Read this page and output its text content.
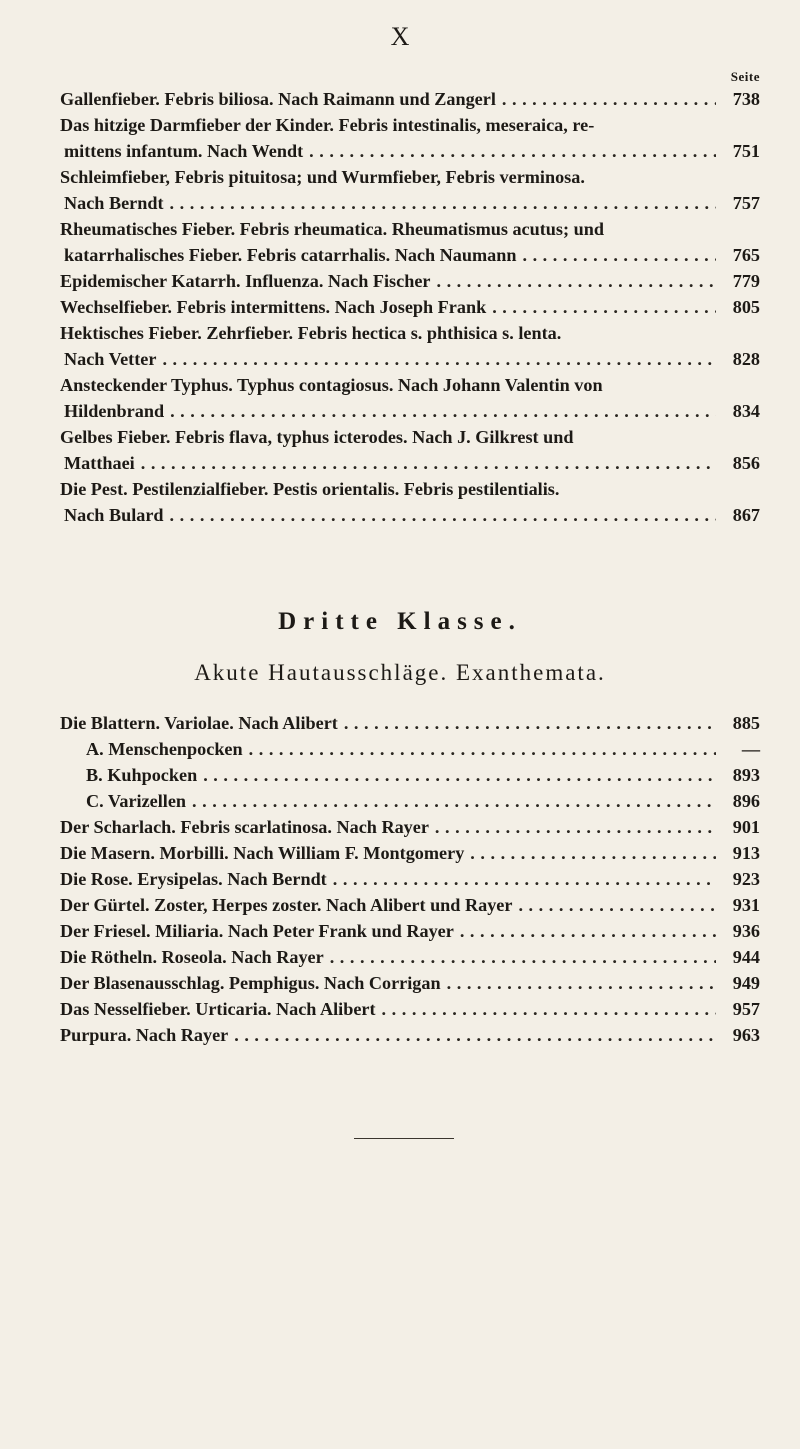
X
Seite
Gallenfieber. Febris biliosa. Nach Raimann und Zangerl . . .	738
Das hitzige Darmfieber der Kinder. Febris intestinalis, meseraica, re-
mittens infantum. Nach Wendt . . .	751
Schleimfieber, Febris pituitosa; und Wurmfieber, Febris verminosa.
Nach Berndt . . .	757
Rheumatisches Fieber. Febris rheumatica. Rheumatismus acutus; und
katarrhalisches Fieber. Febris catarrhalis. Nach Naumann . . .	765
Epidemischer Katarrh. Influenza. Nach Fischer . . .	779
Wechselfieber. Febris intermittens. Nach Joseph Frank . . .	805
Hektisches Fieber. Zehrfieber. Febris hectica s. phthisica s. lenta.
Nach Vetter . . .	828
Ansteckender Typhus. Typhus contagiosus. Nach Johann Valentin von
Hildenbrand . . .	834
Gelbes Fieber. Febris flava, typhus icterodes. Nach J. Gilkrest und
Matthaei . . .	856
Die Pest. Pestilenzialfieber. Pestis orientalis. Febris pestilentialis.
Nach Bulard . . .	867
Dritte Klasse.
Akute Hautausschläge. Exanthemata.
Die Blattern. Variolae. Nach Alibert . . .	885
A. Menschenpocken . . .	—
B. Kuhpocken . . .	893
C. Varizellen . . .	896
Der Scharlach. Febris scarlatinosa. Nach Rayer . . .	901
Die Masern. Morbilli. Nach William F. Montgomery . . .	913
Die Rose. Erysipelas. Nach Berndt . . .	923
Der Gürtel. Zoster, Herpes zoster. Nach Alibert und Rayer . . .	931
Der Friesel. Miliaria. Nach Peter Frank und Rayer . . .	936
Die Rötheln. Roseola. Nach Rayer . . .	944
Der Blasenausschlag. Pemphigus. Nach Corrigan . . .	949
Das Nesselfieber. Urticaria. Nach Alibert . . .	957
Purpura. Nach Rayer . . .	963
